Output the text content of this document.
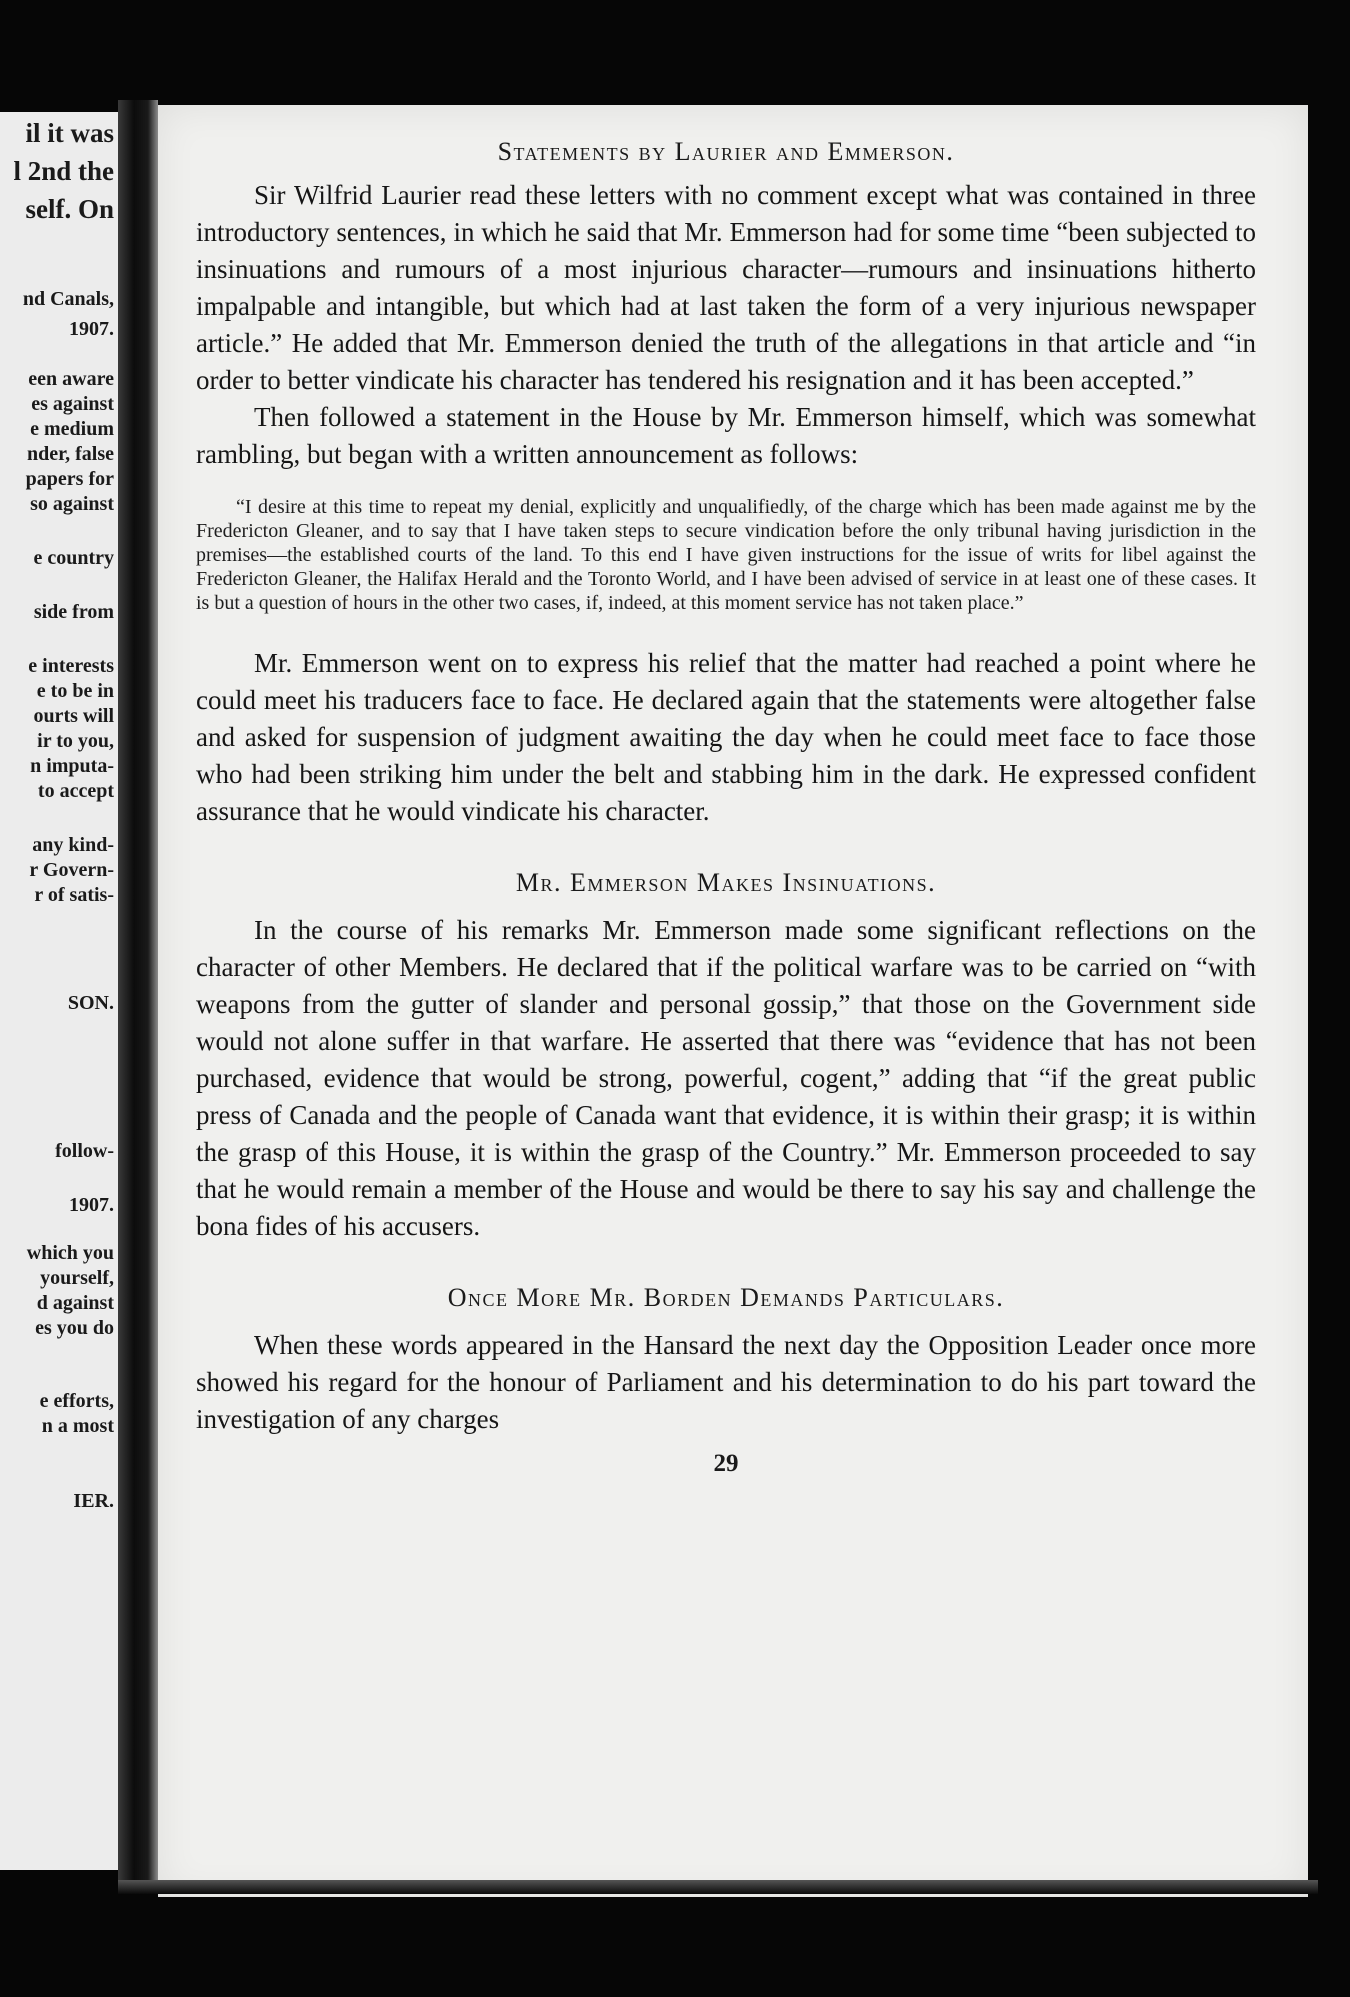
il it was
l 2nd the
self. On
nd Canals,
1907.
een aware
es against
e medium
nder, false
papers for
so against
e country
side from
e interests
e to be in
ourts will
ir to you,
n imputa-
to accept
any kind-
r Govern-
r of satis-
SON.
follow-
1907.
which you
yourself,
d against
es you do
e efforts,
n a most
IER.
Statements by Laurier and Emmerson.

Sir Wilfrid Laurier read these letters with no comment except what was contained in three introductory sentences, in which he said that Mr. Emmerson had for some time “been subjected to insinuations and rumours of a most injurious character—rumours and insinuations hitherto impalpable and intangible, but which had at last taken the form of a very injurious newspaper article.” He added that Mr. Emmerson denied the truth of the allegations in that article and “in order to better vindicate his character has tendered his resignation and it has been accepted.”

Then followed a statement in the House by Mr. Emmerson himself, which was somewhat rambling, but began with a written announcement as follows:

“I desire at this time to repeat my denial, explicitly and unqualifiedly, of the charge which has been made against me by the Fredericton Gleaner, and to say that I have taken steps to secure vindication before the only tribunal having jurisdiction in the premises—the established courts of the land. To this end I have given instructions for the issue of writs for libel against the Fredericton Gleaner, the Halifax Herald and the Toronto World, and I have been advised of service in at least one of these cases. It is but a question of hours in the other two cases, if, indeed, at this moment service has not taken place.”

Mr. Emmerson went on to express his relief that the matter had reached a point where he could meet his traducers face to face. He declared again that the statements were altogether false and asked for suspension of judgment awaiting the day when he could meet face to face those who had been striking him under the belt and stabbing him in the dark. He expressed confident assurance that he would vindicate his character.

Mr. Emmerson Makes Insinuations.

In the course of his remarks Mr. Emmerson made some significant reflections on the character of other Members. He declared that if the political warfare was to be carried on “with weapons from the gutter of slander and personal gossip,” that those on the Government side would not alone suffer in that warfare. He asserted that there was “evidence that has not been purchased, evidence that would be strong, powerful, cogent,” adding that “if the great public press of Canada and the people of Canada want that evidence, it is within their grasp; it is within the grasp of this House, it is within the grasp of the Country.” Mr. Emmerson proceeded to say that he would remain a member of the House and would be there to say his say and challenge the bona fides of his accusers.

Once More Mr. Borden Demands Particulars.

When these words appeared in the Hansard the next day the Opposition Leader once more showed his regard for the honour of Parliament and his determination to do his part toward the investigation of any charges

29
